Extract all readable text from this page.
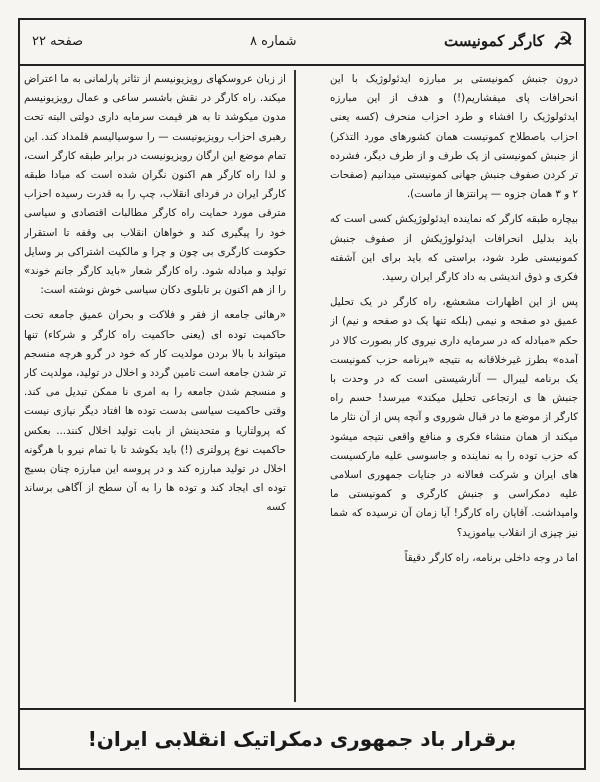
☭
کارگر کمونیست
شماره ۸
صفحه ۲۲

درون جنبش کمونیستی بر مبارزه ایدئولوژیک با این انحرافات پای میفشاریم(!) و هدف از این مبارزه ایدئولوژیک را افشاء و طرد احزاب منحرف (کسه یعنی احزاب باصطلاح کمونیست همان کشورهای مورد التذکر) از جنبش کمونیستی از یک طرف و از طرف دیگر، فشرده تر کردن صفوف جنبش جهانی کمونیستی میدانیم (صفحات ۲ و ۳ همان جزوه — پرانتزها از ماست).

بیچاره طبقه کارگر که نماینده ایدئولوژیکش کسی است که باید بدلیل انحرافات ایدئولوژیکش از صفوف جنبش کمونیستی طرد شود، براستی که باید برای این آشفته فکری و ذوق اندیشی به داد کارگر ایران رسید.

پس از این اظهارات مشعشع، راه کارگر در یک تحلیل عمیق دو صفحه و نیمی (بلکه تنها یک دو صفحه و نیم) از حکم «مبادله که در سرمایه داری نیروی کار بصورت کالا در آمده» بطرز غیرخلاقانه به نتیجه «برنامه حزب کمونیست یک برنامه لیبرال — آنارشیستی است که در وحدت با جنبش ها ی ارتجاعی تحلیل میکند» میرسد! حسم راه کارگر از موضع ما در قبال شوروی و آنچه پس از آن نثار ما میکند از همان منشاء فکری و منافع واقعی نتیجه میشود که حزب توده را به نماینده و جاسوسی علیه مارکسیست های ایران و شرکت فعالانه در جنایات جمهوری اسلامی علیه دمکراسی و جنبش کارگری و کمونیستی ما وامیداشت. آقایان راه کارگر! آیا زمان آن نرسیده که شما نیز چیزی از انقلاب بیاموزید؟

اما در وجه داخلی برنامه، راه کارگر دقیقاً

از زبان عروسکهای رویزیونیسم از تئاتر پارلمانی به ما اعتراض میکند. راه کارگر در نقش باشسر ساعی و عمال رویزیونیسم مدون میکوشد تا به هر قیمت سرمایه داری دولتی البته تحت رهبری احزاب رویزیونیست — را سوسیالیسم قلمداد کند. این تمام موضع این ارگان رویزیونیست در برابر طبقه کارگر است، و لذا راه کارگر هم اکنون نگران شده است که مبادا طبقه کارگر ایران در فردای انقلاب، چپ را به قدرت رسیده احزاب مترقی مورد حمایت راه کارگر مطالبات اقتصادی و سیاسی خود را پیگیری کند و خواهان انقلاب بی وقفه تا استقرار حکومت کارگری بی چون و چرا و مالکیت اشتراکی بر وسایل تولید و مبادله شود. راه کارگر شعار «باید کارگر جانم خوند» را از هم اکنون بر تابلوی دکان سیاسی خوش نوشته است:

«رهائی جامعه از فقر و فلاکت و بحران عمیق جامعه تحت حاکمیت توده ای (یعنی حاکمیت راه کارگر و شرکاء) تنها میتواند با بالا بردن مولدیت کار که خود در گرو هرچه منسجم تر شدن جامعه است تامین گردد و اخلال در تولید، مولدیت کار و منسجم شدن جامعه را به امری نا ممکن تبدیل می کند. وقتی حاکمیت سیاسی بدست توده ها افتاد دیگر نیازی نیست که پرولتاریا و متحدینش از بابت تولید اخلال کنند... بعکس حاکمیت نوع پرولتری (!) باید بکوشد تا با تمام نیرو با هرگونه اخلال در تولید مبارزه کند و در پروسه این مبارزه چنان بسیج توده ای ایجاد کند و توده ها را به آن سطح از آگاهی برساند کسه

برقرار باد جمهوری دمکراتیک انقلابی ایران!
